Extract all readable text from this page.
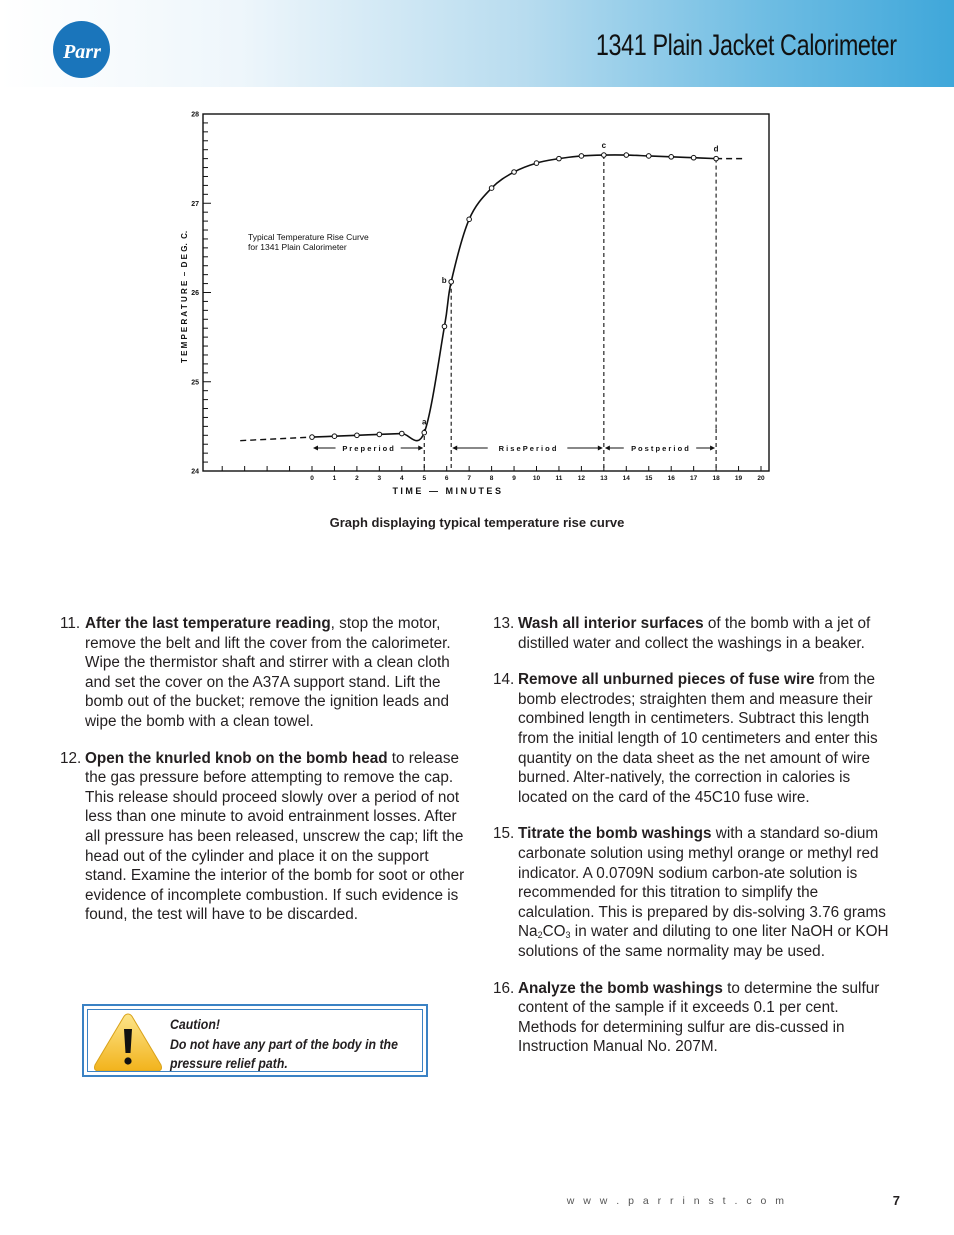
Parr	1341 Plain Jacket Calorimeter
24
25
26
27
28
0	1	2	3	4	5	6	7	8	9	10 11 12 13 14 15 16 17 18 19 20
P r e p e r i o d	R i s e P e r i o d	P o s t p e r i o d
a
b
c	d
Typical Temperature Rise Curve
for 1341 Plain Calorimeter
T I M E   —   M I N U T E S
T E M P E R A T U R E  –  D E G.  C.
Graph displaying typical temperature rise curve
11. After the last temperature reading, stop the motor, remove the belt and lift the cover from the calorimeter. Wipe the thermistor shaft and stirrer with a clean cloth and set the cover on the A37A support stand. Lift the bomb out of the bucket; remove the ignition leads and wipe the bomb with a clean towel.
12. Open the knurled knob on the bomb head to release the gas pressure before attempting to remove the cap. This release should proceed slowly over a period of not less than one minute to avoid entrainment losses. After all pressure has been released, unscrew the cap; lift the head out of the cylinder and place it on the support stand. Examine the interior of the bomb for soot or other evidence of incomplete combustion. If such evidence is found, the test will have to be discarded.
Caution!
Do not have any part of the body in the
pressure relief path.
13. Wash all interior surfaces of the bomb with a jet of distilled water and collect the washings in a beaker.
14. Remove all unburned pieces of fuse wire from the bomb electrodes; straighten them and measure their combined length in centimeters. Subtract this length from the initial length of 10 centimeters and enter this quantity on the data sheet as the net amount of wire burned. Alter-natively, the correction in calories is located on the card of the 45C10 fuse wire.
15. Titrate the bomb washings with a standard so-dium carbonate solution using methyl orange or methyl red indicator. A 0.0709N sodium carbon-ate solution is recommended for this titration to simplify the calculation. This is prepared by dis-solving 3.76 grams $Na_2CO_3$ in water and diluting to one liter NaOH or KOH solutions of the same normality may be used.
16. Analyze the bomb washings to determine the sulfur content of the sample if it exceeds 0.1 per cent. Methods for determining sulfur are dis-cussed in Instruction Manual No. 207M.
w w w . p a r r i n s t . c o m	7
